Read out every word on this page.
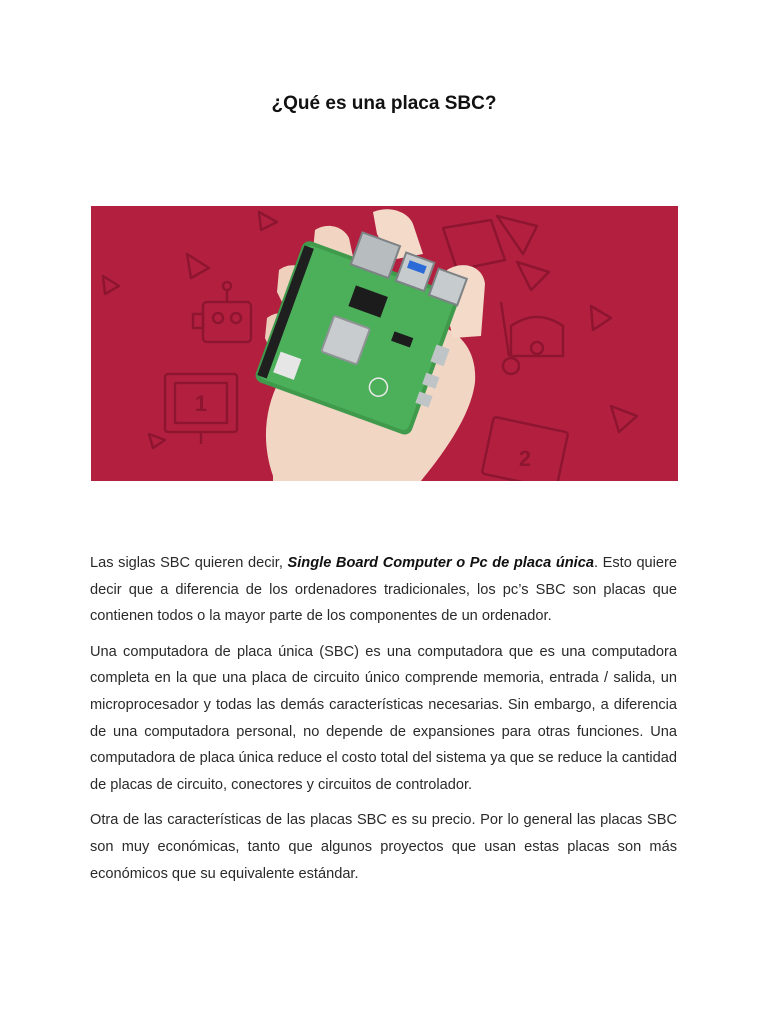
¿Qué es una placa SBC?
1
2

Las siglas SBC quieren decir, Single Board Computer o Pc de placa única. Esto quiere decir que a diferencia de los ordenadores tradicionales, los pc’s SBC son placas que contienen todos o la mayor parte de los componentes de un ordenador.

Una computadora de placa única (SBC) es una computadora que es una computadora completa en la que una placa de circuito único comprende memoria, entrada / salida, un microprocesador y todas las demás características necesarias. Sin embargo, a diferencia de una computadora personal, no depende de expansiones para otras funciones. Una computadora de placa única reduce el costo total del sistema ya que se reduce la cantidad de placas de circuito, conectores y circuitos de controlador.

Otra de las características de las placas SBC es su precio. Por lo general las placas SBC son muy económicas, tanto que algunos proyectos que usan estas placas son más económicos que su equivalente estándar.
